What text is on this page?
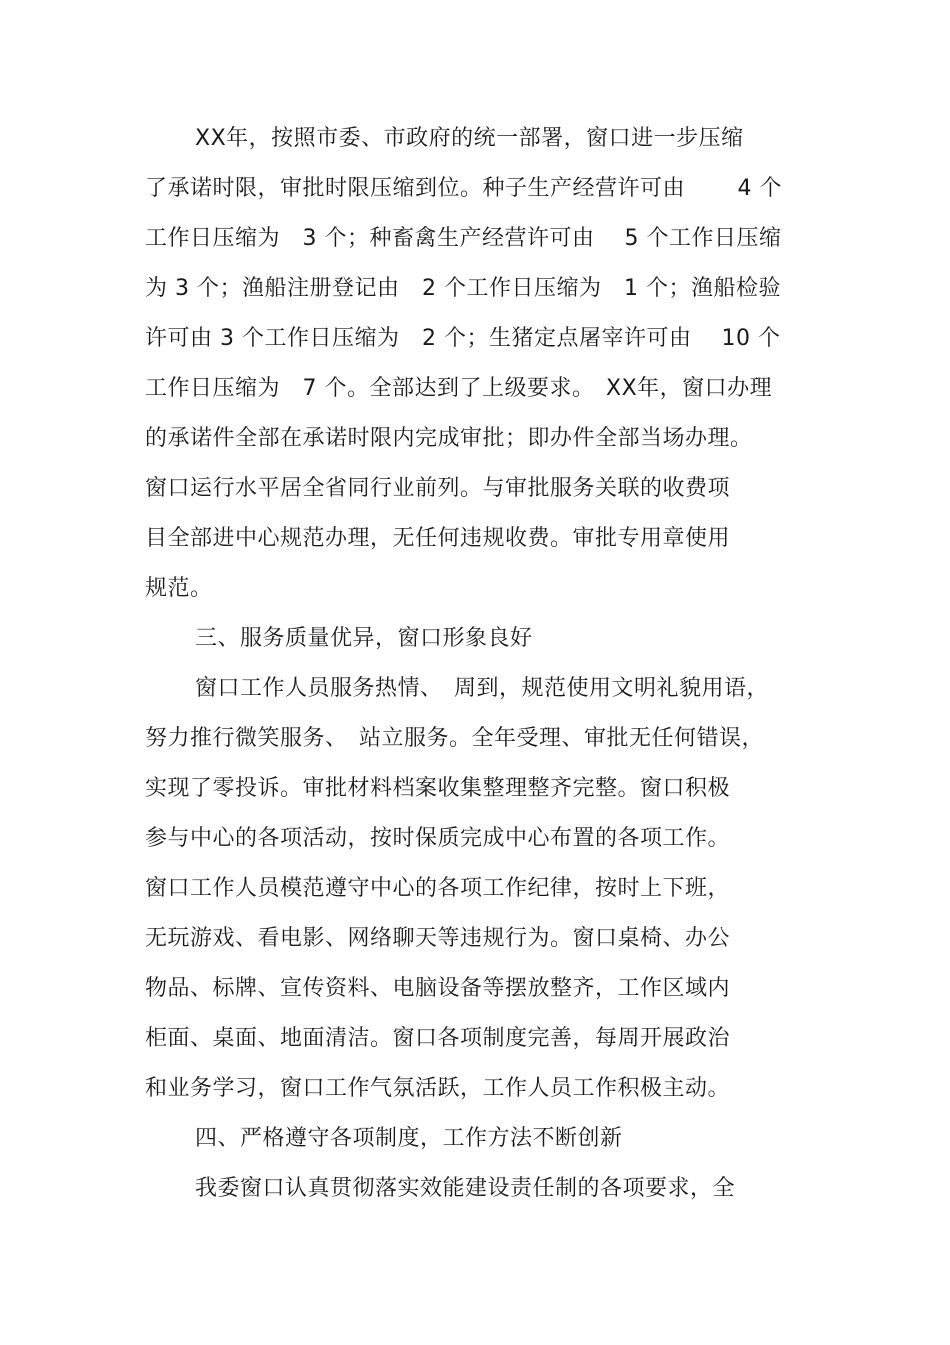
XX年，按照市委、市政府的统一部署，窗口进一步压缩
了承诺时限，审批时限压缩到位。种子生产经营许可由　　 4 个
工作日压缩为　3 个；种畜禽生产经营许可由　 5 个工作日压缩
为 3 个；渔船注册登记由　2 个工作日压缩为　1 个；渔船检验
许可由 3 个工作日压缩为　2 个；生猪定点屠宰许可由　 10 个
工作日压缩为　7 个。全部达到了上级要求。　XX年，窗口办理
的承诺件全部在承诺时限内完成审批；即办件全部当场办理。
窗口运行水平居全省同行业前列。与审批服务关联的收费项
目全部进中心规范办理，无任何违规收费。审批专用章使用
规范。
三、服务质量优异，窗口形象良好
窗口工作人员服务热情、　周到，规范使用文明礼貌用语，
努力推行微笑服务、　站立服务。全年受理、审批无任何错误，
实现了零投诉。审批材料档案收集整理整齐完整。窗口积极
参与中心的各项活动，按时保质完成中心布置的各项工作。
窗口工作人员模范遵守中心的各项工作纪律，按时上下班，
无玩游戏、看电影、网络聊天等违规行为。窗口桌椅、办公
物品、标牌、宣传资料、电脑设备等摆放整齐，工作区域内
柜面、桌面、地面清洁。窗口各项制度完善，每周开展政治
和业务学习，窗口工作气氛活跃，工作人员工作积极主动。
四、严格遵守各项制度，工作方法不断创新
我委窗口认真贯彻落实效能建设责任制的各项要求，全
